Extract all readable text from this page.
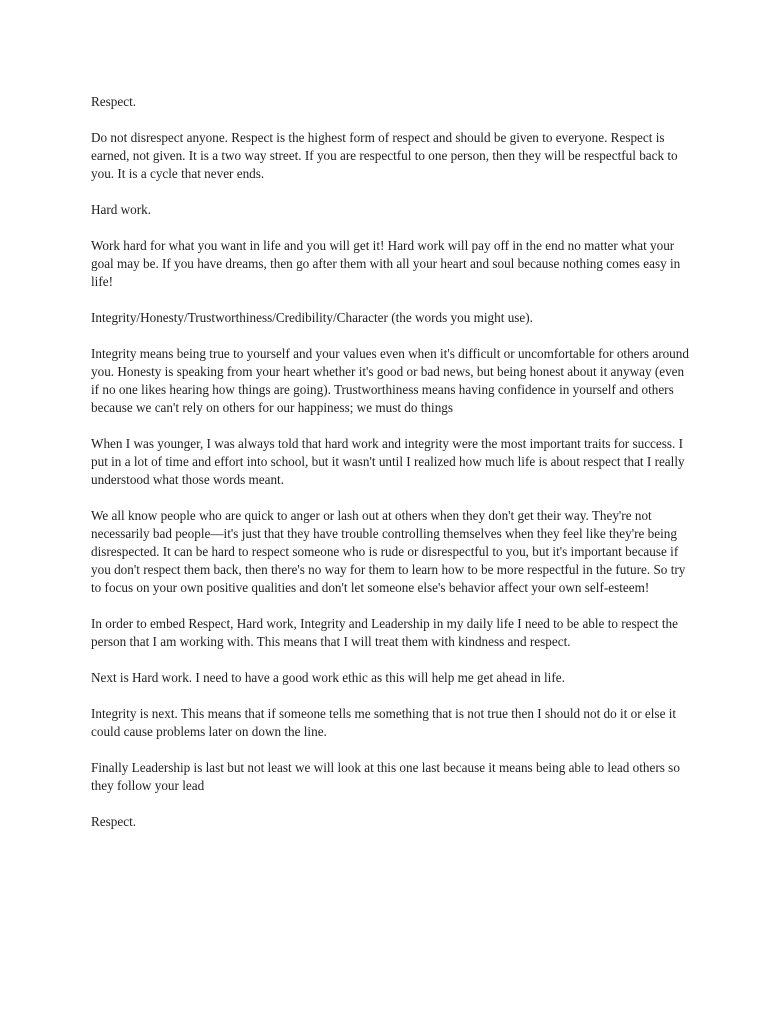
Respect.

Do not disrespect anyone. Respect is the highest form of respect and should be given to everyone. Respect is earned, not given. It is a two way street. If you are respectful to one person, then they will be respectful back to you. It is a cycle that never ends.

Hard work.

Work hard for what you want in life and you will get it! Hard work will pay off in the end no matter what your goal may be. If you have dreams, then go after them with all your heart and soul because nothing comes easy in life!

Integrity/Honesty/Trustworthiness/Credibility/Character (the words you might use).

Integrity means being true to yourself and your values even when it's difficult or uncomfortable for others around you. Honesty is speaking from your heart whether it's good or bad news, but being honest about it anyway (even if no one likes hearing how things are going). Trustworthiness means having confidence in yourself and others because we can't rely on others for our happiness; we must do things

When I was younger, I was always told that hard work and integrity were the most important traits for success. I put in a lot of time and effort into school, but it wasn't until I realized how much life is about respect that I really understood what those words meant.

We all know people who are quick to anger or lash out at others when they don't get their way. They're not necessarily bad people—it's just that they have trouble controlling themselves when they feel like they're being disrespected. It can be hard to respect someone who is rude or disrespectful to you, but it's important because if you don't respect them back, then there's no way for them to learn how to be more respectful in the future. So try to focus on your own positive qualities and don't let someone else's behavior affect your own self-esteem!

In order to embed Respect, Hard work, Integrity and Leadership in my daily life I need to be able to respect the person that I am working with. This means that I will treat them with kindness and respect.

Next is Hard work. I need to have a good work ethic as this will help me get ahead in life.

Integrity is next. This means that if someone tells me something that is not true then I should not do it or else it could cause problems later on down the line.

Finally Leadership is last but not least we will look at this one last because it means being able to lead others so they follow your lead

Respect.
